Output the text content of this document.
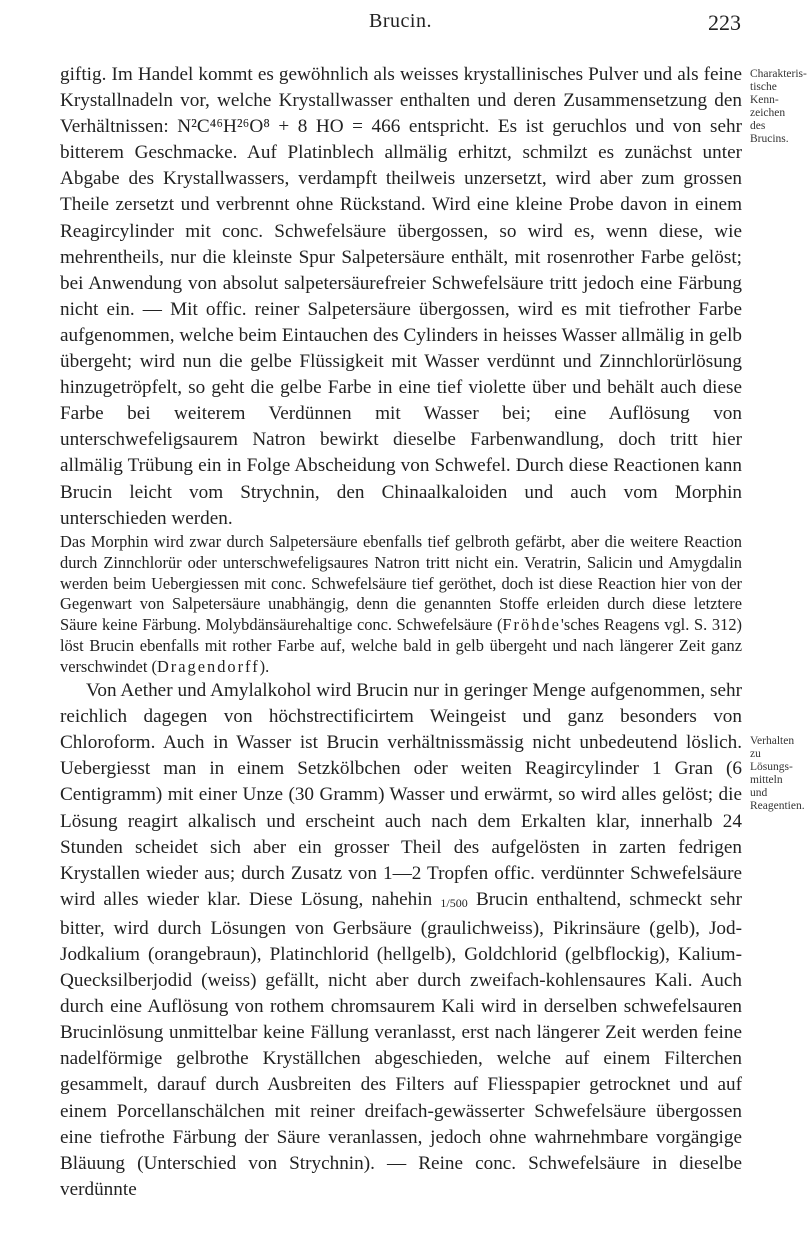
Brucin.	223
Charakteris-tische Kenn-zeichen des Brucins.
Verhalten zu Lösungs-mitteln und Reagentien.

giftig. Im Handel kommt es gewöhnlich als weisses krystallinisches Pulver und als feine Krystallnadeln vor, welche Krystallwasser enthalten und deren Zusammensetzung den Verhältnissen: N²C⁴⁶H²⁶O⁸ + 8 HO = 466 entspricht. Es ist geruchlos und von sehr bitterem Geschmacke. Auf Platinblech allmälig erhitzt, schmilzt es zunächst unter Abgabe des Krystallwassers, verdampft theilweis unzersetzt, wird aber zum grossen Theile zersetzt und verbrennt ohne Rückstand. Wird eine kleine Probe davon in einem Reagircylinder mit conc. Schwefelsäure übergossen, so wird es, wenn diese, wie mehrentheils, nur die kleinste Spur Salpetersäure enthält, mit rosenrother Farbe gelöst; bei Anwendung von absolut salpetersäurefreier Schwefelsäure tritt jedoch eine Färbung nicht ein. — Mit offic. reiner Salpetersäure übergossen, wird es mit tiefrother Farbe aufgenommen, welche beim Eintauchen des Cylinders in heisses Wasser allmälig in gelb übergeht; wird nun die gelbe Flüssigkeit mit Wasser verdünnt und Zinnchlorürlösung hinzugetröpfelt, so geht die gelbe Farbe in eine tief violette über und behält auch diese Farbe bei weiterem Verdünnen mit Wasser bei; eine Auflösung von unterschwefeligsaurem Natron bewirkt dieselbe Farbenwandlung, doch tritt hier allmälig Trübung ein in Folge Abscheidung von Schwefel. Durch diese Reactionen kann Brucin leicht vom Strychnin, den Chinaalkaloiden und auch vom Morphin unterschieden werden.

Das Morphin wird zwar durch Salpetersäure ebenfalls tief gelbroth gefärbt, aber die weitere Reaction durch Zinnchlorür oder unterschwefeligsaures Natron tritt nicht ein. Veratrin, Salicin und Amygdalin werden beim Uebergiessen mit conc. Schwefelsäure tief geröthet, doch ist diese Reaction hier von der Gegenwart von Salpetersäure unabhängig, denn die genannten Stoffe erleiden durch diese letztere Säure keine Färbung. Molybdänsäurehaltige conc. Schwefelsäure (Fröhde'sches Reagens vgl. S. 312) löst Brucin ebenfalls mit rother Farbe auf, welche bald in gelb übergeht und nach längerer Zeit ganz verschwindet (Dragendorff).

Von Aether und Amylalkohol wird Brucin nur in geringer Menge aufgenommen, sehr reichlich dagegen von höchstrectificirtem Weingeist und ganz besonders von Chloroform. Auch in Wasser ist Brucin verhältnissmässig nicht unbedeutend löslich. Uebergiesst man in einem Setzkölbchen oder weiten Reagircylinder 1 Gran (6 Centigramm) mit einer Unze (30 Gramm) Wasser und erwärmt, so wird alles gelöst; die Lösung reagirt alkalisch und erscheint auch nach dem Erkalten klar, innerhalb 24 Stunden scheidet sich aber ein grosser Theil des aufgelösten in zarten fedrigen Krystallen wieder aus; durch Zusatz von 1—2 Tropfen offic. verdünnter Schwefelsäure wird alles wieder klar. Diese Lösung, nahehin 1/500 Brucin enthaltend, schmeckt sehr bitter, wird durch Lösungen von Gerbsäure (graulichweiss), Pikrinsäure (gelb), Jod-Jodkalium (orangebraun), Platinchlorid (hellgelb), Goldchlorid (gelbflockig), Kalium-Quecksilberjodid (weiss) gefällt, nicht aber durch zweifach-kohlensaures Kali. Auch durch eine Auflösung von rothem chromsaurem Kali wird in derselben schwefelsauren Brucinlösung unmittelbar keine Fällung veranlasst, erst nach längerer Zeit werden feine nadelförmige gelbrothe Kryställchen abgeschieden, welche auf einem Filterchen gesammelt, darauf durch Ausbreiten des Filters auf Fliesspapier getrocknet und auf einem Porcellanschälchen mit reiner dreifach-gewässerter Schwefelsäure übergossen eine tiefrothe Färbung der Säure veranlassen, jedoch ohne wahrnehmbare vorgängige Bläuung (Unterschied von Strychnin). — Reine conc. Schwefelsäure in dieselbe verdünnte
